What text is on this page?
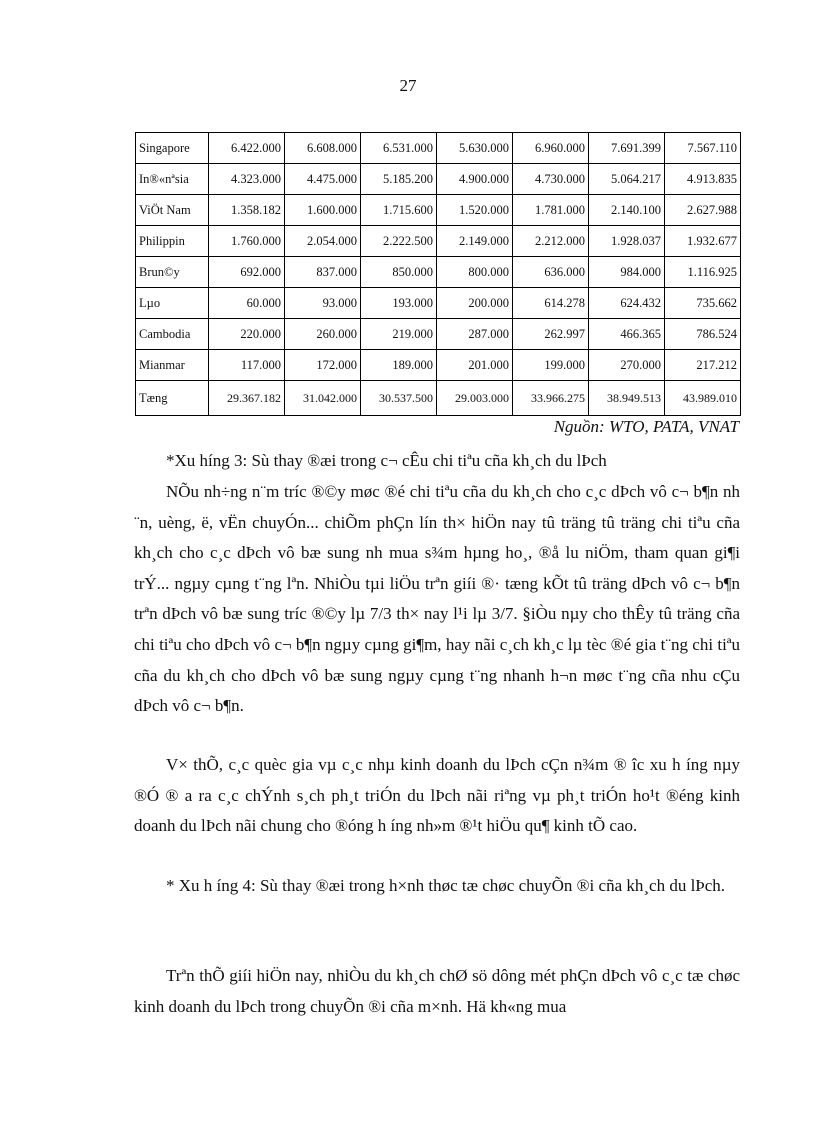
27
Singapore	6.422.000	6.608.000	6.531.000	5.630.000	6.960.000	7.691.399	7.567.110
In®«nªsia	4.323.000	4.475.000	5.185.200	4.900.000	4.730.000	5.064.217	4.913.835
ViÖt Nam	1.358.182	1.600.000	1.715.600	1.520.000	1.781.000	2.140.100	2.627.988
Philippin	1.760.000	2.054.000	2.222.500	2.149.000	2.212.000	1.928.037	1.932.677
Brun©y	692.000	837.000	850.000	800.000	636.000	984.000	1.116.925
Lµo	60.000	93.000	193.000	200.000	614.278	624.432	735.662
Cambodia	220.000	260.000	219.000	287.000	262.997	466.365	786.524
Mianmar	117.000	172.000	189.000	201.000	199.000	270.000	217.212
Tæng	29.367.182	31.042.000	30.537.500	29.003.000	33.966.275	38.949.513	43.989.010
Nguồn: WTO, PATA, VNAT

*Xu híng 3: Sù thay ®æi trong c¬ cÊu chi tiªu cña kh¸ch du lÞch

NÕu nh÷ng n¨m tríc ®©y møc ®é chi tiªu cña du kh¸ch cho c¸c dÞch vô c¬ b¶n nh ¨n, uèng, ë, vËn chuyÓn... chiÕm phÇn lín th× hiÖn nay tû träng tû träng chi tiªu cña kh¸ch cho c¸c dÞch vô bæ sung nh mua s¾m hµng ho¸, ®å lu niÖm, tham quan gi¶i trÝ... ngµy cµng t¨ng lªn. NhiÒu tµi liÖu trªn giíi ®· tæng kÕt tû träng dÞch vô c¬ b¶n trªn dÞch vô bæ sung tríc ®©y lµ 7/3 th× nay l¹i lµ 3/7. §iÒu nµy cho thÊy tû träng cña chi tiªu cho dÞch vô c¬ b¶n ngµy cµng gi¶m, hay nãi c¸ch kh¸c lµ tèc ®é gia t¨ng chi tiªu cña du kh¸ch cho dÞch vô bæ sung ngµy cµng t¨ng nhanh h¬n møc t¨ng cña nhu cÇu dÞch vô c¬ b¶n.

V× thÕ, c¸c quèc gia vµ c¸c nhµ kinh doanh du lÞch cÇn n¾m ® îc xu h íng nµy ®Ó ® a ra c¸c chÝnh s¸ch ph¸t triÓn du lÞch nãi riªng vµ ph¸t triÓn ho¹t ®éng kinh doanh du lÞch nãi chung cho ®óng h íng nh»m ®¹t hiÖu qu¶ kinh tÕ cao.

* Xu h íng 4: Sù thay ®æi trong h×nh thøc tæ chøc chuyÕn ®i cña kh¸ch du lÞch.

Trªn thÕ giíi hiÖn nay, nhiÒu du kh¸ch chØ sö dông mét phÇn dÞch vô c¸c tæ chøc kinh doanh du lÞch trong chuyÕn ®i cña m×nh. Hä kh«ng mua
